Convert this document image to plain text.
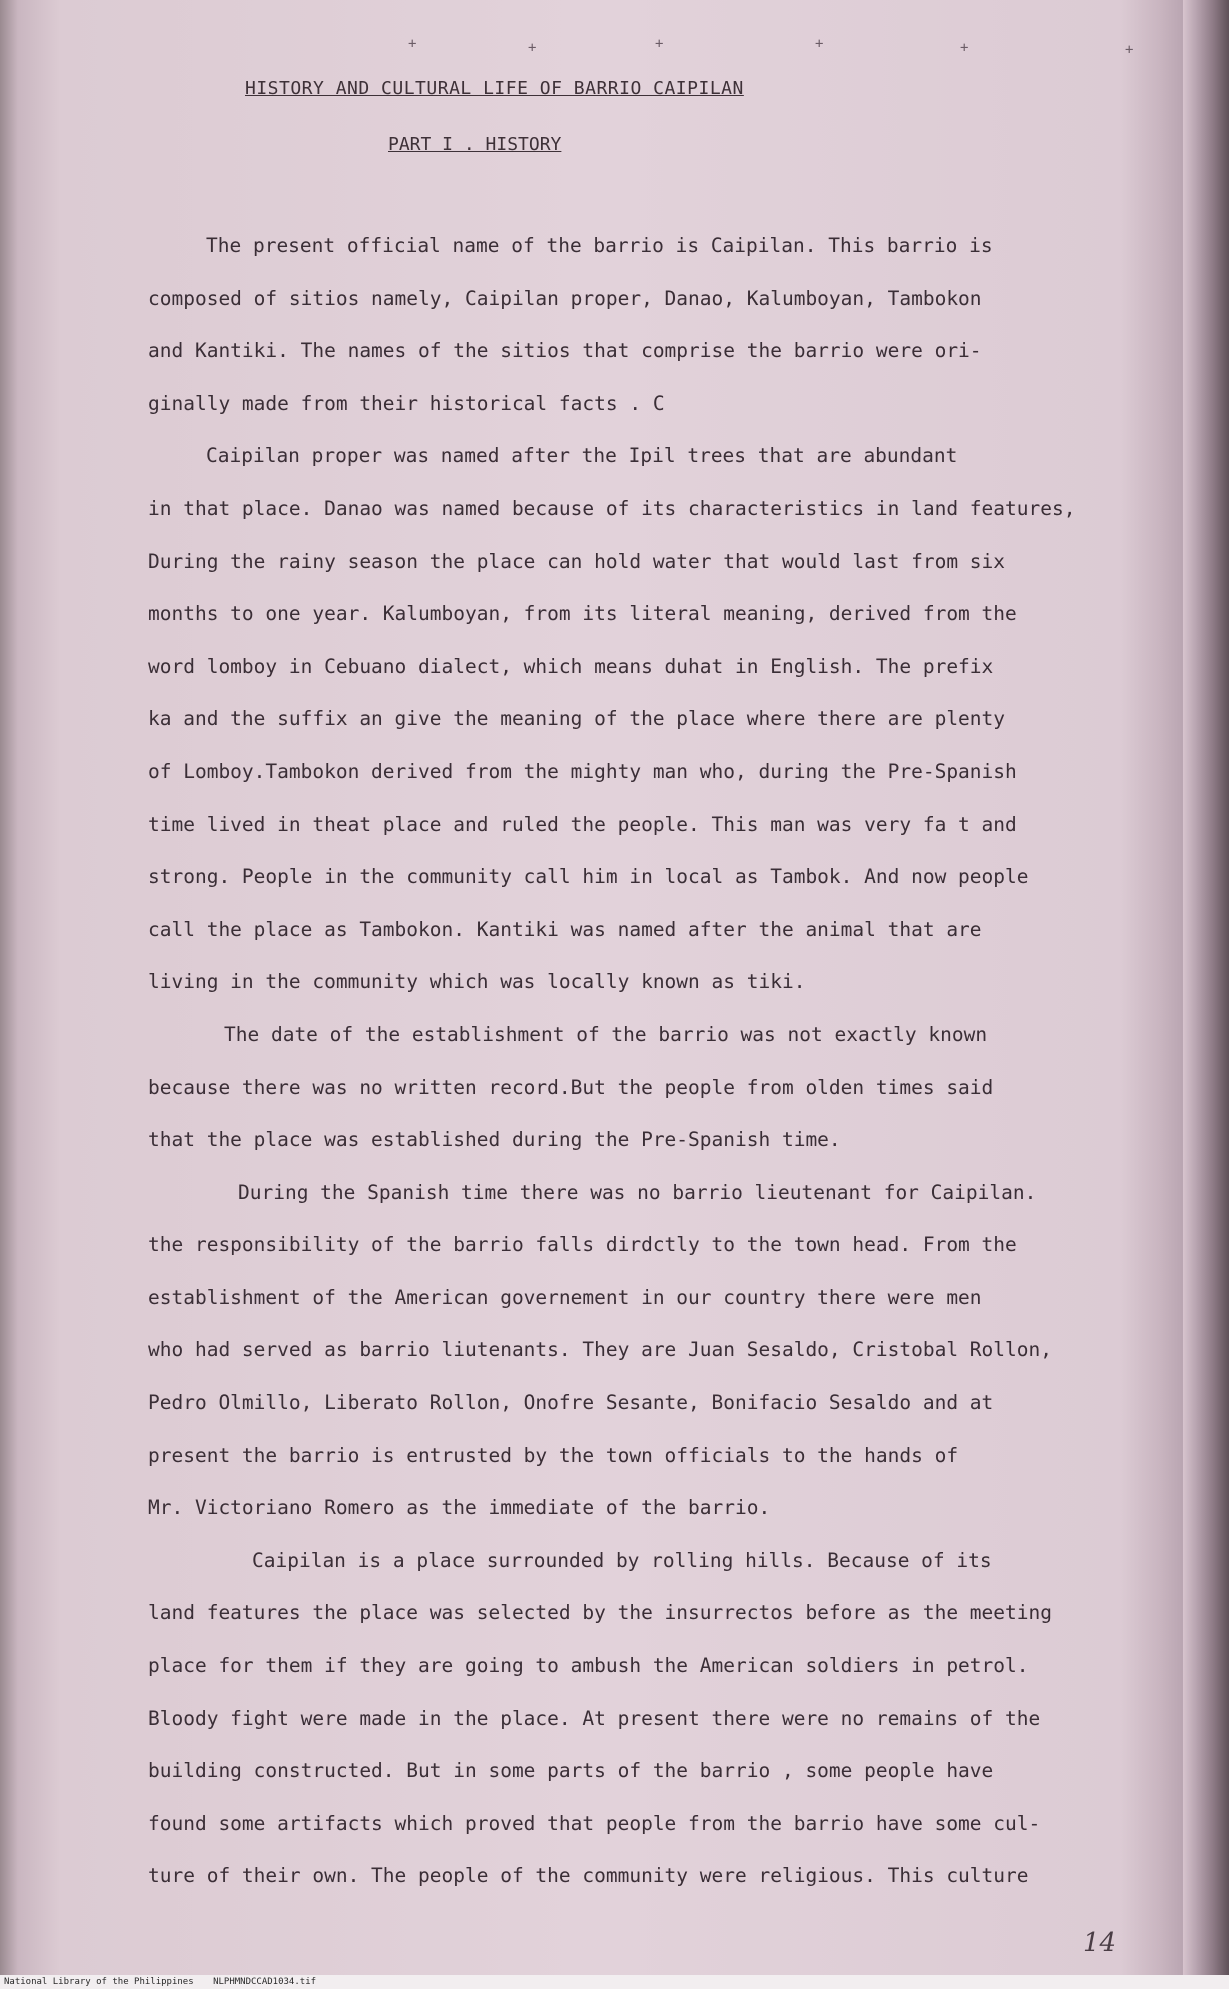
+	+	+	+	+	+
HISTORY AND CULTURAL LIFE OF BARRIO CAIPILAN
PART I . HISTORY
The present official name of the barrio is Caipilan. This barrio is
composed of sitios namely, Caipilan proper, Danao, Kalumboyan, Tambokon
and Kantiki. The names of the sitios that comprise the barrio were ori-
ginally made from their historical facts . C
Caipilan proper was named after the Ipil trees that are abundant
in that place. Danao was named because of its characteristics in land features,
During the rainy season the place can hold water that would last from six
months to one year. Kalumboyan, from its literal meaning, derived from the
word lomboy in Cebuano dialect, which means duhat in English. The prefix
ka and the suffix an give the meaning of the place where there are plenty
of Lomboy.Tambokon derived from the mighty man who, during the Pre-Spanish
time lived in theat place and ruled the people. This man was very fa t and
strong. People in the community call him in local as Tambok. And now people
call the place as Tambokon. Kantiki was named after the animal that are
living in the community which was locally known as tiki.
The date of the establishment of the barrio was not exactly known
because there was no written record.But the people from olden times said
that the place was established during the Pre-Spanish time.
During the Spanish time there was no barrio lieutenant for Caipilan.
the responsibility of the barrio falls dirdctly to the town head. From the
establishment of the American governement in our country there were men
who had served as barrio liutenants. They are Juan Sesaldo, Cristobal Rollon,
Pedro Olmillo, Liberato Rollon, Onofre Sesante, Bonifacio Sesaldo and at
present the barrio is entrusted by the town officials to the hands of
Mr. Victoriano Romero as the immediate of the barrio.
Caipilan is a place surrounded by rolling hills. Because of its
land features the place was selected by the insurrectos before as the meeting
place for them if they are going to ambush the American soldiers in petrol.
Bloody fight were made in the place. At present there were no remains of the
building constructed. But in some parts of the barrio , some people have
found some artifacts which proved that people from the barrio have some cul-
ture of their own. The people of the community were religious. This culture
14
National Library of the Philippines NLPHMNDCCAD1034.tif
